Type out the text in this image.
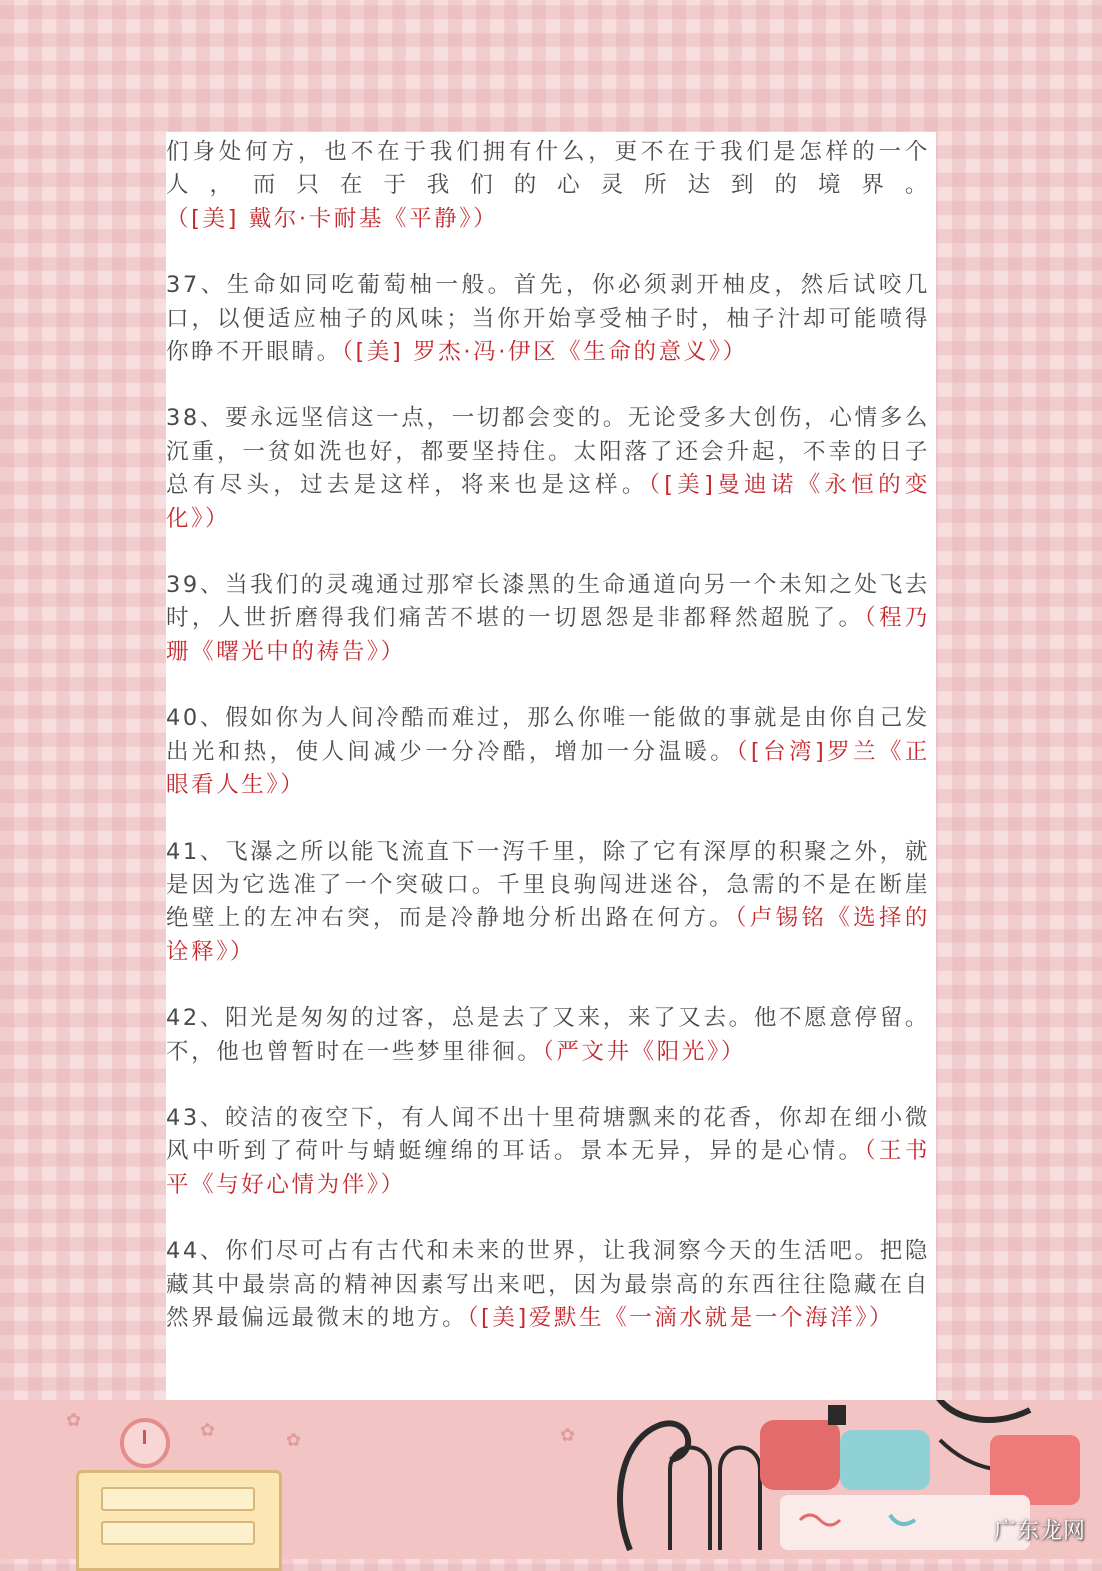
们身处何方，也不在于我们拥有什么，更不在于我们是怎样的一个人，而只在于我们的心灵所达到的境界。（[美] 戴尔·卡耐基《平静》）

37、生命如同吃葡萄柚一般。首先，你必须剥开柚皮，然后试咬几口，以便适应柚子的风味；当你开始享受柚子时，柚子汁却可能喷得你睁不开眼睛。（[美] 罗杰·冯·伊区《生命的意义》）

38、要永远坚信这一点，一切都会变的。无论受多大创伤，心情多么沉重，一贫如洗也好，都要坚持住。太阳落了还会升起，不幸的日子总有尽头，过去是这样，将来也是这样。（[美]曼迪诺《永恒的变化》）

39、当我们的灵魂通过那窄长漆黑的生命通道向另一个未知之处飞去时，人世折磨得我们痛苦不堪的一切恩怨是非都释然超脱了。（程乃珊《曙光中的祷告》）

40、假如你为人间冷酷而难过，那么你唯一能做的事就是由你自己发出光和热，使人间减少一分冷酷，增加一分温暖。（[台湾]罗兰《正眼看人生》）

41、飞瀑之所以能飞流直下一泻千里，除了它有深厚的积聚之外，就是因为它选准了一个突破口。千里良驹闯进迷谷，急需的不是在断崖绝壁上的左冲右突，而是冷静地分析出路在何方。（卢锡铭《选择的诠释》）

42、阳光是匆匆的过客，总是去了又来，来了又去。他不愿意停留。不，他也曾暂时在一些梦里徘徊。（严文井《阳光》）

43、皎洁的夜空下，有人闻不出十里荷塘飘来的花香，你却在细小微风中听到了荷叶与蜻蜓缠绵的耳话。景本无异，异的是心情。（王书平《与好心情为伴》）

44、你们尽可占有古代和未来的世界，让我洞察今天的生活吧。把隐藏其中最崇高的精神因素写出来吧，因为最崇高的东西往往隐藏在自然界最偏远最微末的地方。（[美]爱默生《一滴水就是一个海洋》）

✿	✿	✿	✿
广东龙网
